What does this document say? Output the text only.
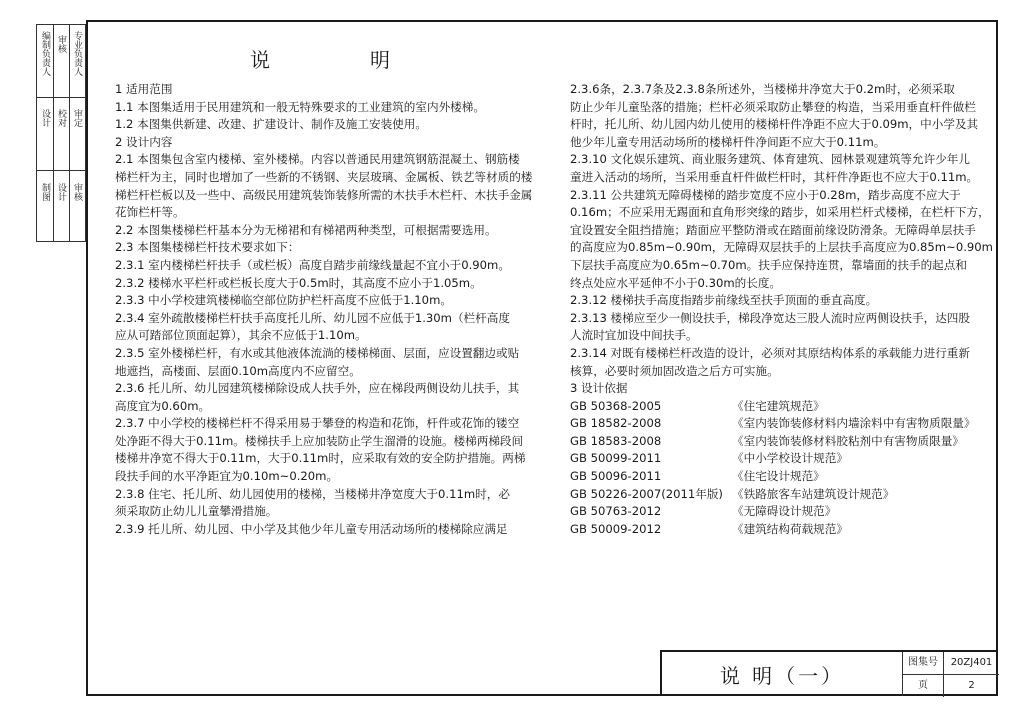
编制负责人 审核 专业负责人
设计 校对 审定
制图 设计 审核
说	明
1 适用范围
1.1 本图集适用于民用建筑和一般无特殊要求的工业建筑的室内外楼梯。
1.2 本图集供新建、改建、扩建设计、制作及施工安装使用。
2 设计内容
2.1 本图集包含室内楼梯、室外楼梯。内容以普通民用建筑钢筋混凝土、钢筋楼
梯栏杆为主，同时也增加了一些新的不锈钢、夹层玻璃、金属板、铁艺等材质的楼
梯栏杆栏板以及一些中、高级民用建筑装饰装修所需的木扶手木栏杆、木扶手金属
花饰栏杆等。
2.2 本图集楼梯栏杆基本分为无梯裙和有梯裙两种类型，可根据需要选用。
2.3 本图集楼梯栏杆技术要求如下：
2.3.1 室内楼梯栏杆扶手（或栏板）高度自踏步前缘线量起不宜小于0.90m。
2.3.2 楼梯水平栏杆或栏板长度大于0.5m时，其高度不应小于1.05m。
2.3.3 中小学校建筑楼梯临空部位防护栏杆高度不应低于1.10m。
2.3.4 室外疏散楼梯栏杆扶手高度托儿所、幼儿园不应低于1.30m（栏杆高度
应从可踏部位顶面起算），其余不应低于1.10m。
2.3.5 室外楼梯栏杆，有水或其他液体流淌的楼梯梯面、层面，应设置翻边或贴
地遮挡，高楼面、层面0.10m高度内不应留空。
2.3.6 托儿所、幼儿园建筑楼梯除设成人扶手外，应在梯段两侧设幼儿扶手，其
高度宜为0.60m。
2.3.7 中小学校的楼梯栏杆不得采用易于攀登的构造和花饰，杆件或花饰的镂空
处净距不得大于0.11m。楼梯扶手上应加装防止学生溜滑的设施。楼梯两梯段间
楼梯井净宽不得大于0.11m，大于0.11m时，应采取有效的安全防护措施。两梯
段扶手间的水平净距宜为0.10m~0.20m。
2.3.8 住宅、托儿所、幼儿园使用的楼梯，当楼梯井净宽度大于0.11m时，必
须采取防止幼儿儿童攀滑措施。
2.3.9 托儿所、幼儿园、中小学及其他少年儿童专用活动场所的楼梯除应满足
2.3.6条，2.3.7条及2.3.8条所述外，当楼梯井净宽大于0.2m时，必须采取
防止少年儿童坠落的措施；栏杆必须采取防止攀登的构造，当采用垂直杆件做栏
杆时，托儿所、幼儿园内幼儿使用的楼梯杆件净距不应大于0.09m，中小学及其
他少年儿童专用活动场所的楼梯杆件净间距不应大于0.11m。
2.3.10 文化娱乐建筑、商业服务建筑、体育建筑、园林景观建筑等允许少年儿
童进入活动的场所，当采用垂直杆件做栏杆时，其杆件净距也不应大于0.11m。
2.3.11 公共建筑无障碍楼梯的踏步宽度不应小于0.28m，踏步高度不应大于
0.16m；不应采用无踢面和直角形突缘的踏步，如采用栏杆式楼梯，在栏杆下方，
宜设置安全阻挡措施；踏面应平整防滑或在踏面前缘设防滑条。无障碍单层扶手
的高度应为0.85m~0.90m，无障碍双层扶手的上层扶手高度应为0.85m~0.90m
下层扶手高度应为0.65m~0.70m。扶手应保持连贯，靠墙面的扶手的起点和
终点处应水平延伸不小于0.30m的长度。
2.3.12 楼梯扶手高度指踏步前缘线至扶手顶面的垂直高度。
2.3.13 楼梯应至少一侧设扶手，梯段净宽达三股人流时应两侧设扶手，达四股
人流时宜加设中间扶手。
2.3.14 对既有楼梯栏杆改造的设计，必须对其原结构体系的承载能力进行重新
核算，必要时须加固改造之后方可实施。
3 设计依据
GB 50368-2005	《住宅建筑规范》
GB 18582-2008	《室内装饰装修材料内墙涂料中有害物质限量》
GB 18583-2008	《室内装饰装修材料胶粘剂中有害物质限量》
GB 50099-2011	《中小学校设计规范》
GB 50096-2011	《住宅设计规范》
GB 50226-2007(2011年版) 《铁路旅客车站建筑设计规范》
GB 50763-2012	《无障碍设计规范》
GB 50009-2012	《建筑结构荷载规范》
说 明（一）
图集号	20ZJ401
页	2
